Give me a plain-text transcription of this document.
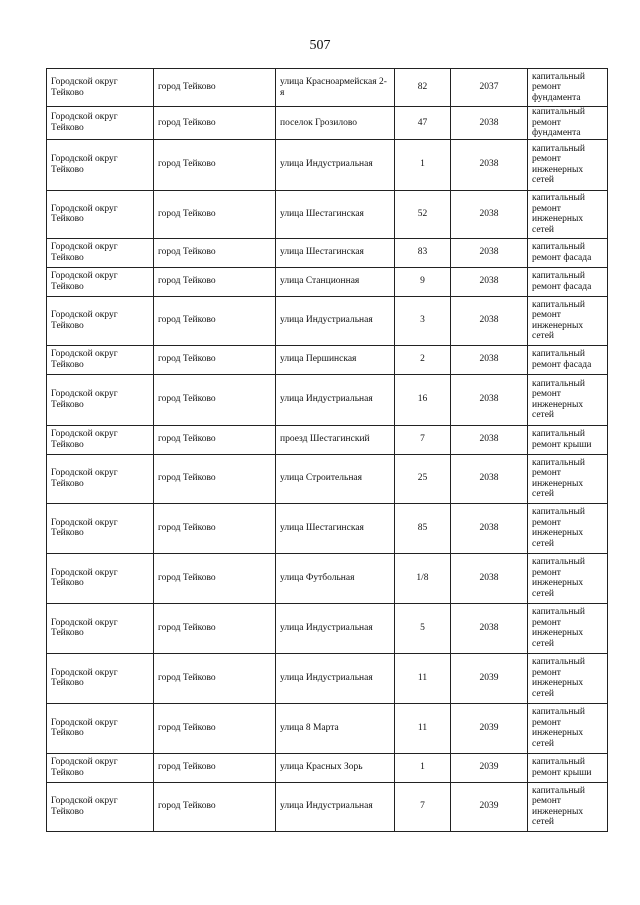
507
Городской округ Тейково	город Тейково	улица Красноармейская 2-я	82	2037	капитальный ремонт фундамента
Городской округ Тейково	город Тейково	поселок Грозилово	47	2038	капитальный ремонт фундамента
Городской округ Тейково	город Тейково	улица Индустриальная	1	2038	капитальный ремонт инженерных сетей
Городской округ Тейково	город Тейково	улица Шестагинская	52	2038	капитальный ремонт инженерных сетей
Городской округ Тейково	город Тейково	улица Шестагинская	83	2038	капитальный ремонт фасада
Городской округ Тейково	город Тейково	улица Станционная	9	2038	капитальный ремонт фасада
Городской округ Тейково	город Тейково	улица Индустриальная	3	2038	капитальный ремонт инженерных сетей
Городской округ Тейково	город Тейково	улица Першинская	2	2038	капитальный ремонт фасада
Городской округ Тейково	город Тейково	улица Индустриальная	16	2038	капитальный ремонт инженерных сетей
Городской округ Тейково	город Тейково	проезд Шестагинский	7	2038	капитальный ремонт крыши
Городской округ Тейково	город Тейково	улица Строительная	25	2038	капитальный ремонт инженерных сетей
Городской округ Тейково	город Тейково	улица Шестагинская	85	2038	капитальный ремонт инженерных сетей
Городской округ Тейково	город Тейково	улица Футбольная	1/8	2038	капитальный ремонт инженерных сетей
Городской округ Тейково	город Тейково	улица Индустриальная	5	2038	капитальный ремонт инженерных сетей
Городской округ Тейково	город Тейково	улица Индустриальная	11	2039	капитальный ремонт инженерных сетей
Городской округ Тейково	город Тейково	улица 8 Марта	11	2039	капитальный ремонт инженерных сетей
Городской округ Тейково	город Тейково	улица Красных Зорь	1	2039	капитальный ремонт крыши
Городской округ Тейково	город Тейково	улица Индустриальная	7	2039	капитальный ремонт инженерных сетей
